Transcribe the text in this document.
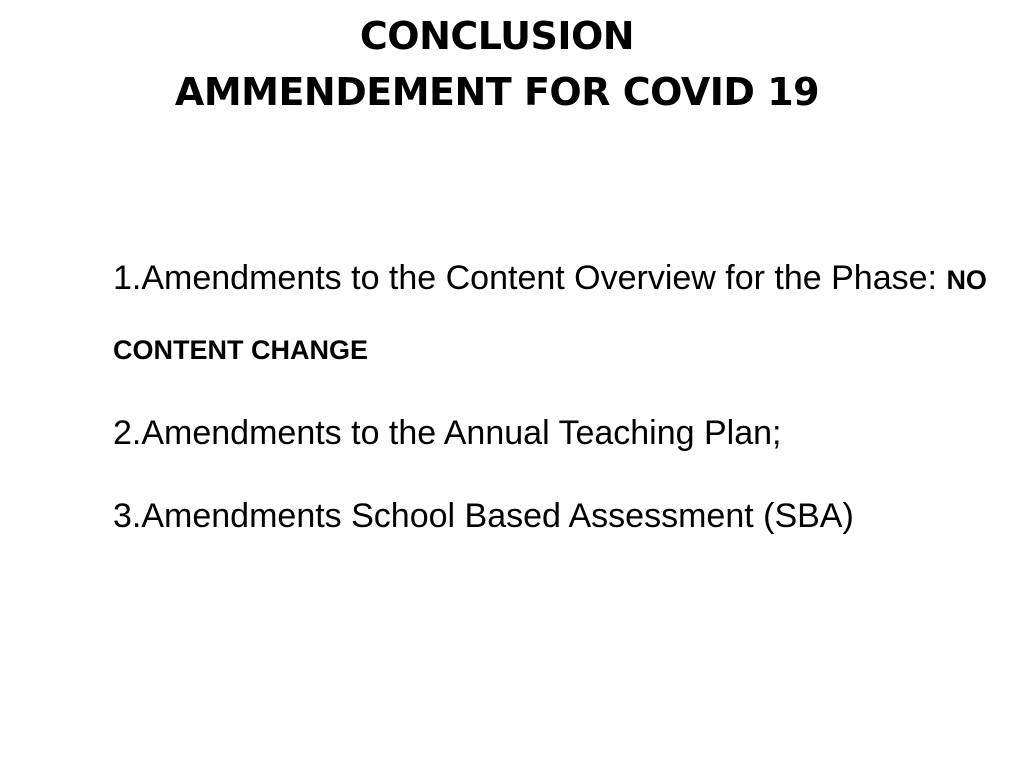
CONCLUSION
AMMENDEMENT FOR COVID 19
1.Amendments to the Content Overview for the Phase: NO CONTENT CHANGE
2.Amendments to the Annual Teaching Plan;
3.Amendments School Based Assessment (SBA)
